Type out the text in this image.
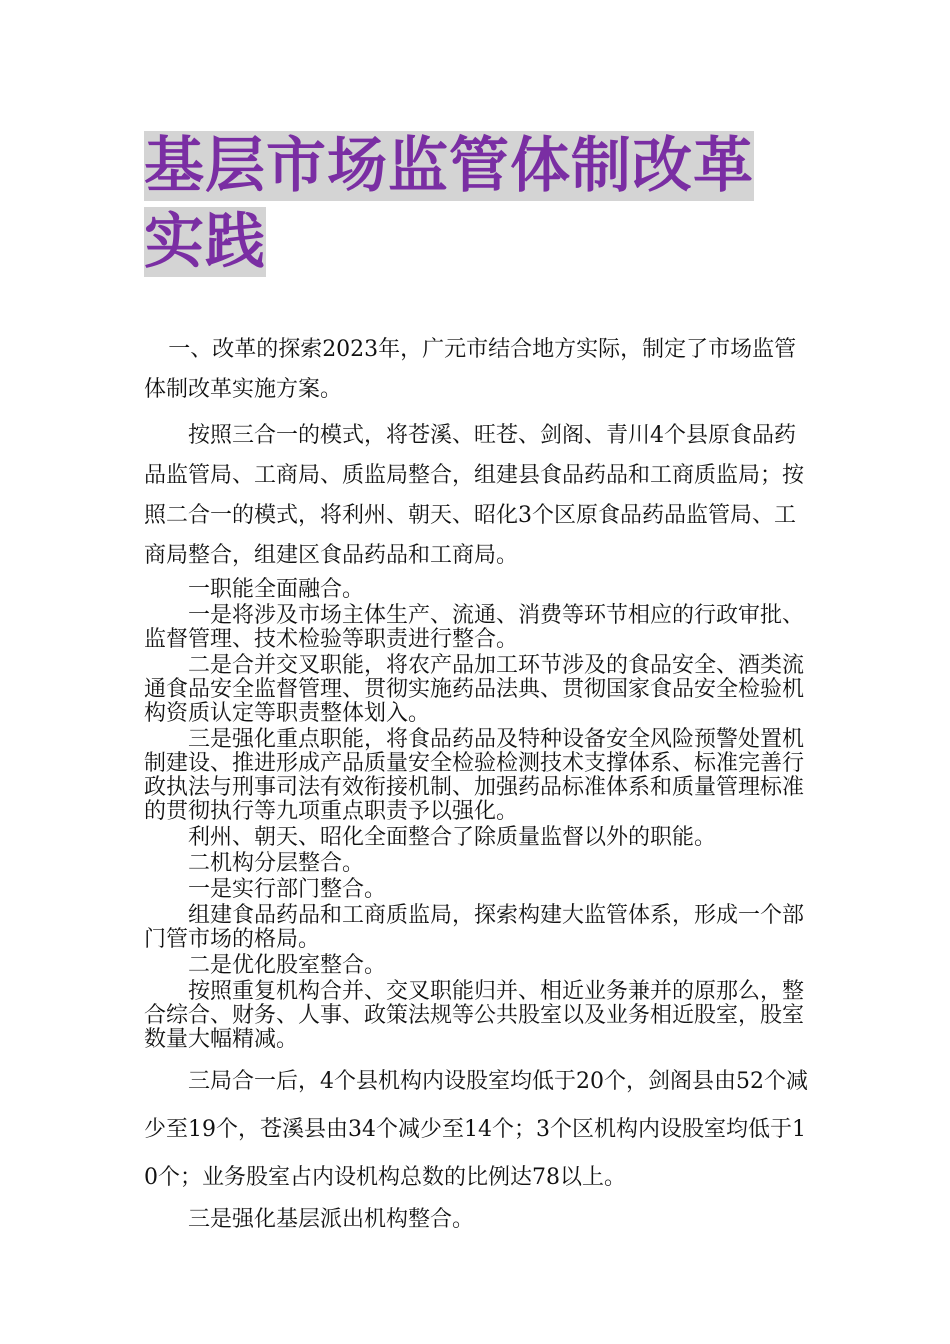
基层市场监管体制改革实践

一、改革的探索2023年，广元市结合地方实际，制定了市场监管体制改革实施方案。

按照三合一的模式，将苍溪、旺苍、剑阁、青川4个县原食品药品监管局、工商局、质监局整合，组建县食品药品和工商质监局；按照二合一的模式，将利州、朝天、昭化3个区原食品药品监管局、工商局整合，组建区食品药品和工商局。

一职能全面融合。

一是将涉及市场主体生产、流通、消费等环节相应的行政审批、监督管理、技术检验等职责进行整合。

二是合并交叉职能，将农产品加工环节涉及的食品安全、酒类流通食品安全监督管理、贯彻实施药品法典、贯彻国家食品安全检验机构资质认定等职责整体划入。

三是强化重点职能，将食品药品及特种设备安全风险预警处置机制建设、推进形成产品质量安全检验检测技术支撑体系、标准完善行政执法与刑事司法有效衔接机制、加强药品标准体系和质量管理标准的贯彻执行等九项重点职责予以强化。

利州、朝天、昭化全面整合了除质量监督以外的职能。

二机构分层整合。

一是实行部门整合。

组建食品药品和工商质监局，探索构建大监管体系，形成一个部门管市场的格局。

二是优化股室整合。

按照重复机构合并、交叉职能归并、相近业务兼并的原那么，整合综合、财务、人事、政策法规等公共股室以及业务相近股室，股室数量大幅精减。

三局合一后，4个县机构内设股室均低于20个，剑阁县由52个减少至19个，苍溪县由34个减少至14个；3个区机构内设股室均低于10个；业务股室占内设机构总数的比例达78以上。

三是强化基层派出机构整合。
